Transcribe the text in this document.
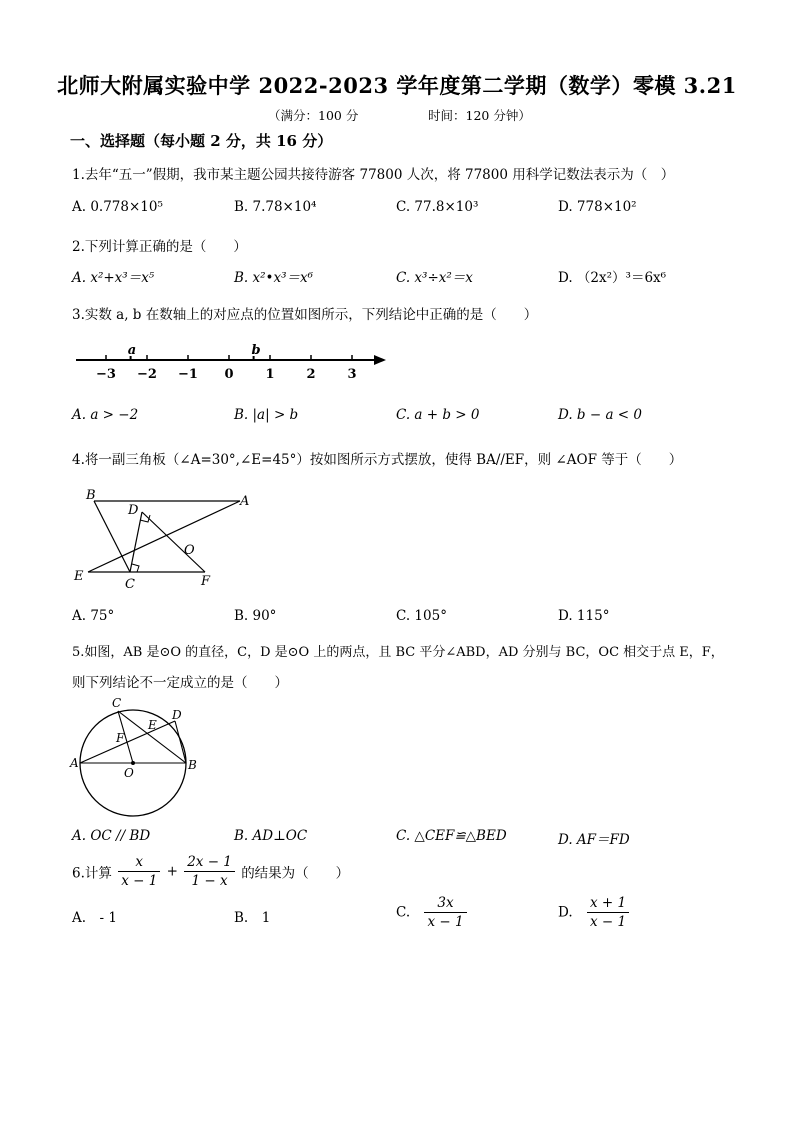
北师大附属实验中学 2022-2023 学年度第二学期（数学）零模 3.21
（满分：100 分	时间：120 分钟）
一、选择题（每小题 2 分，共 16 分）
1.去年“五一”假期，我市某主题公园共接待游客 77800 人次，将 77800 用科学记数法表示为（　）
A. 0.778×10⁵	B. 7.78×10⁴	C. 77.8×10³	D. 778×10²
2.下列计算正确的是（　　）
A. x²+x³＝x⁵	B. x²•x³＝x⁶	C. x³÷x²＝x	D. （2x²）³＝6x⁶
3.实数 a, b 在数轴上的对应点的位置如图所示，下列结论中正确的是（　　）
−3 −2 −1 0 1 2 3
a	b
A. a > −2	B. |a| > b	C. a + b > 0	D. b − a < 0
4.将一副三角板（∠A=30°,∠E=45°）按如图所示方式摆放，使得 BA//EF，则 ∠AOF 等于（　　）
B	A
D
O
E
C	F
A. 75°	B. 90°	C. 105°	D. 115°
5.如图，AB 是⊙O 的直径，C，D 是⊙O 上的两点，且 BC 平分∠ABD，AD 分别与 BC，OC 相交于点 E，F，
则下列结论不一定成立的是（　　）
C
D
E
F
A	B
O
A. OC // BD	B. AD⊥OC	C. △CEF≌△BED	D. AF＝FD
6.计算 $\frac{x}{x - 1} + \frac{2x - 1}{1 - x}$ 的结果为（　　）
A.　- 1	B.　1	C. $\frac{3x}{x - 1}$	D. $\frac{x + 1}{x - 1}$
